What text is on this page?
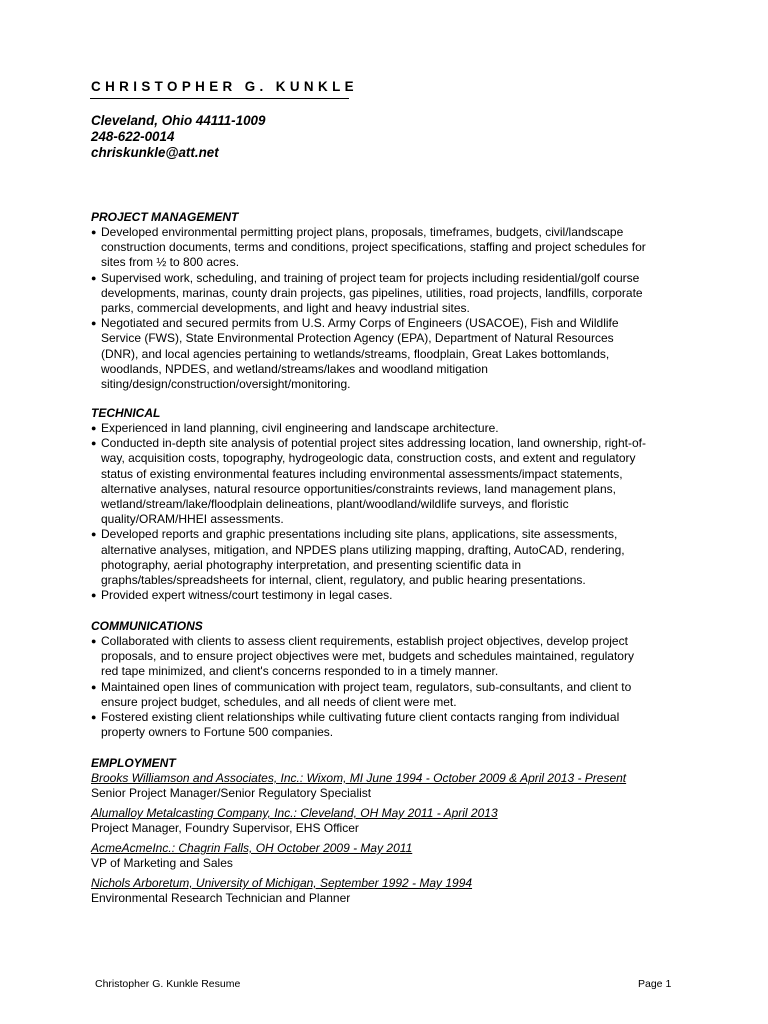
CHRISTOPHER G. KUNKLE
Cleveland, Ohio 44111-1009
248-622-0014
chriskunkle@att.net
PROJECT MANAGEMENT
● Developed environmental permitting project plans, proposals, timeframes, budgets, civil/landscape
construction documents, terms and conditions, project specifications, staffing and project schedules for
sites from ½ to 800 acres.
● Supervised work, scheduling, and training of project team for projects including residential/golf course
developments, marinas, county drain projects, gas pipelines, utilities, road projects, landfills, corporate
parks, commercial developments, and light and heavy industrial sites.
● Negotiated and secured permits from U.S. Army Corps of Engineers (USACOE), Fish and Wildlife
Service (FWS), State Environmental Protection Agency (EPA), Department of Natural Resources
(DNR), and local agencies pertaining to wetlands/streams, floodplain, Great Lakes bottomlands,
woodlands, NPDES, and wetland/streams/lakes and woodland mitigation
siting/design/construction/oversight/monitoring.
TECHNICAL
● Experienced in land planning, civil engineering and landscape architecture.
● Conducted in-depth site analysis of potential project sites addressing location, land ownership, right-of-
way, acquisition costs, topography, hydrogeologic data, construction costs, and extent and regulatory
status of existing environmental features including environmental assessments/impact statements,
alternative analyses, natural resource opportunities/constraints reviews, land management plans,
wetland/stream/lake/floodplain delineations, plant/woodland/wildlife surveys, and floristic
quality/ORAM/HHEI assessments.
● Developed reports and graphic presentations including site plans, applications, site assessments,
alternative analyses, mitigation, and NPDES plans utilizing mapping, drafting, AutoCAD, rendering,
photography, aerial photography interpretation, and presenting scientific data in
graphs/tables/spreadsheets for internal, client, regulatory, and public hearing presentations.
● Provided expert witness/court testimony in legal cases.
COMMUNICATIONS
● Collaborated with clients to assess client requirements, establish project objectives, develop project
proposals, and to ensure project objectives were met, budgets and schedules maintained, regulatory
red tape minimized, and client's concerns responded to in a timely manner.
● Maintained open lines of communication with project team, regulators, sub-consultants, and client to
ensure project budget, schedules, and all needs of client were met.
● Fostered existing client relationships while cultivating future client contacts ranging from individual
property owners to Fortune 500 companies.
EMPLOYMENT
Brooks Williamson and Associates, Inc.: Wixom, MI June 1994 - October 2009 & April 2013 - Present
Senior Project Manager/Senior Regulatory Specialist
Alumalloy Metalcasting Company, Inc.: Cleveland, OH May 2011 - April 2013
Project Manager, Foundry Supervisor, EHS Officer
AcmeAcmeInc.: Chagrin Falls, OH October 2009 - May 2011
VP of Marketing and Sales
Nichols Arboretum, University of Michigan, September 1992 - May 1994
Environmental Research Technician and Planner
Christopher G. Kunkle Resume	Page 1
